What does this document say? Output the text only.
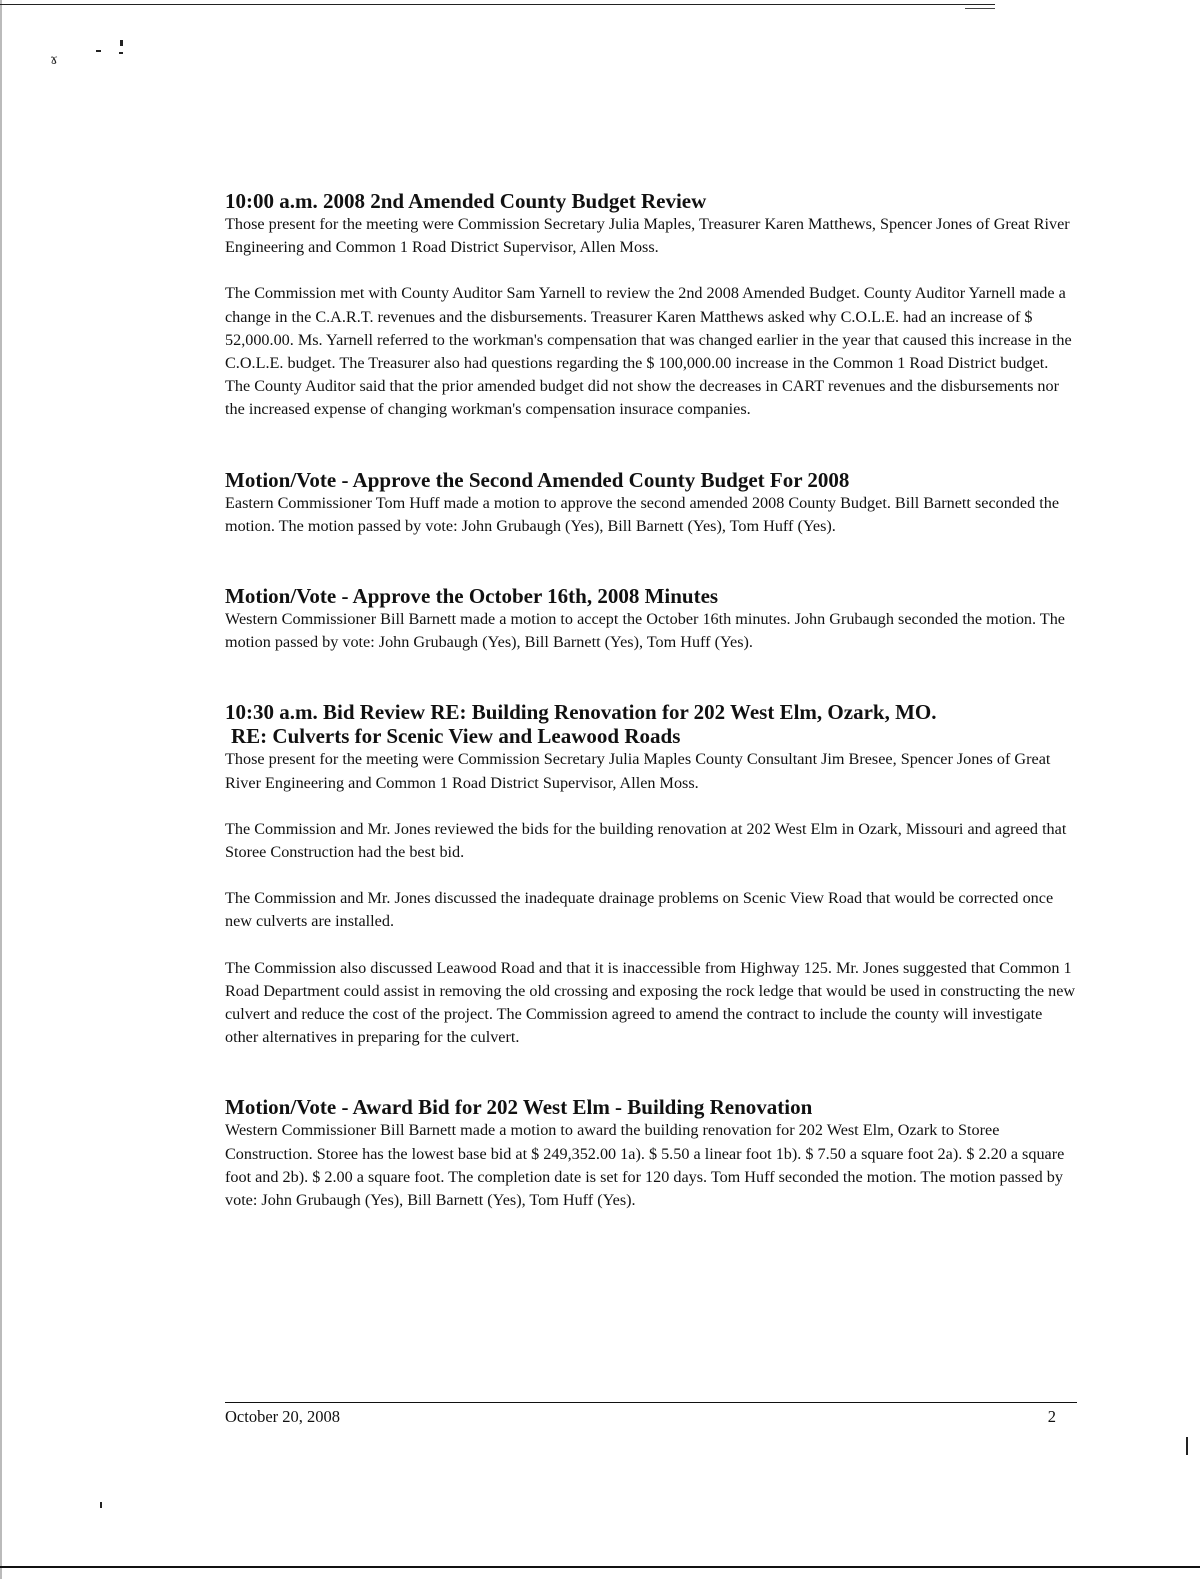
ɤ
10:00 a.m. 2008 2nd Amended County Budget Review

Those present for the meeting were Commission Secretary Julia Maples, Treasurer Karen Matthews, Spencer Jones of Great River Engineering and Common 1 Road District Supervisor, Allen Moss.

The Commission met with County Auditor Sam Yarnell to review the 2nd 2008 Amended Budget. County Auditor Yarnell made a change in the C.A.R.T. revenues and the disbursements. Treasurer Karen Matthews asked why C.O.L.E. had an increase of $ 52,000.00. Ms. Yarnell referred to the workman's compensation that was changed earlier in the year that caused this increase in the C.O.L.E. budget. The Treasurer also had questions regarding the $ 100,000.00 increase in the Common 1 Road District budget. The County Auditor said that the prior amended budget did not show the decreases in CART revenues and the disbursements nor the increased expense of changing workman's compensation insurace companies.

Motion/Vote - Approve the Second Amended County Budget For 2008

Eastern Commissioner Tom Huff made a motion to approve the second amended 2008 County Budget. Bill Barnett seconded the motion. The motion passed by vote: John Grubaugh (Yes), Bill Barnett (Yes), Tom Huff (Yes).

Motion/Vote - Approve the October 16th, 2008 Minutes

Western Commissioner Bill Barnett made a motion to accept the October 16th minutes. John Grubaugh seconded the motion. The motion passed by vote: John Grubaugh (Yes), Bill Barnett (Yes), Tom Huff (Yes).

10:30 a.m. Bid Review RE: Building Renovation for 202 West Elm, Ozark, MO.
RE: Culverts for Scenic View and Leawood Roads

Those present for the meeting were Commission Secretary Julia Maples County Consultant Jim Bresee, Spencer Jones of Great River Engineering and Common 1 Road District Supervisor, Allen Moss.

The Commission and Mr. Jones reviewed the bids for the building renovation at 202 West Elm in Ozark, Missouri and agreed that Storee Construction had the best bid.

The Commission and Mr. Jones discussed the inadequate drainage problems on Scenic View Road that would be corrected once new culverts are installed.

The Commission also discussed Leawood Road and that it is inaccessible from Highway 125. Mr. Jones suggested that Common 1 Road Department could assist in removing the old crossing and exposing the rock ledge that would be used in constructing the new culvert and reduce the cost of the project. The Commission agreed to amend the contract to include the county will investigate other alternatives in preparing for the culvert.

Motion/Vote - Award Bid for 202 West Elm - Building Renovation

Western Commissioner Bill Barnett made a motion to award the building renovation for 202 West Elm, Ozark to Storee Construction. Storee has the lowest base bid at $ 249,352.00 1a). $ 5.50 a linear foot 1b). $ 7.50 a square foot 2a). $ 2.20 a square foot and 2b). $ 2.00 a square foot. The completion date is set for 120 days. Tom Huff seconded the motion. The motion passed by vote: John Grubaugh (Yes), Bill Barnett (Yes), Tom Huff (Yes).

October 20, 2008	2
